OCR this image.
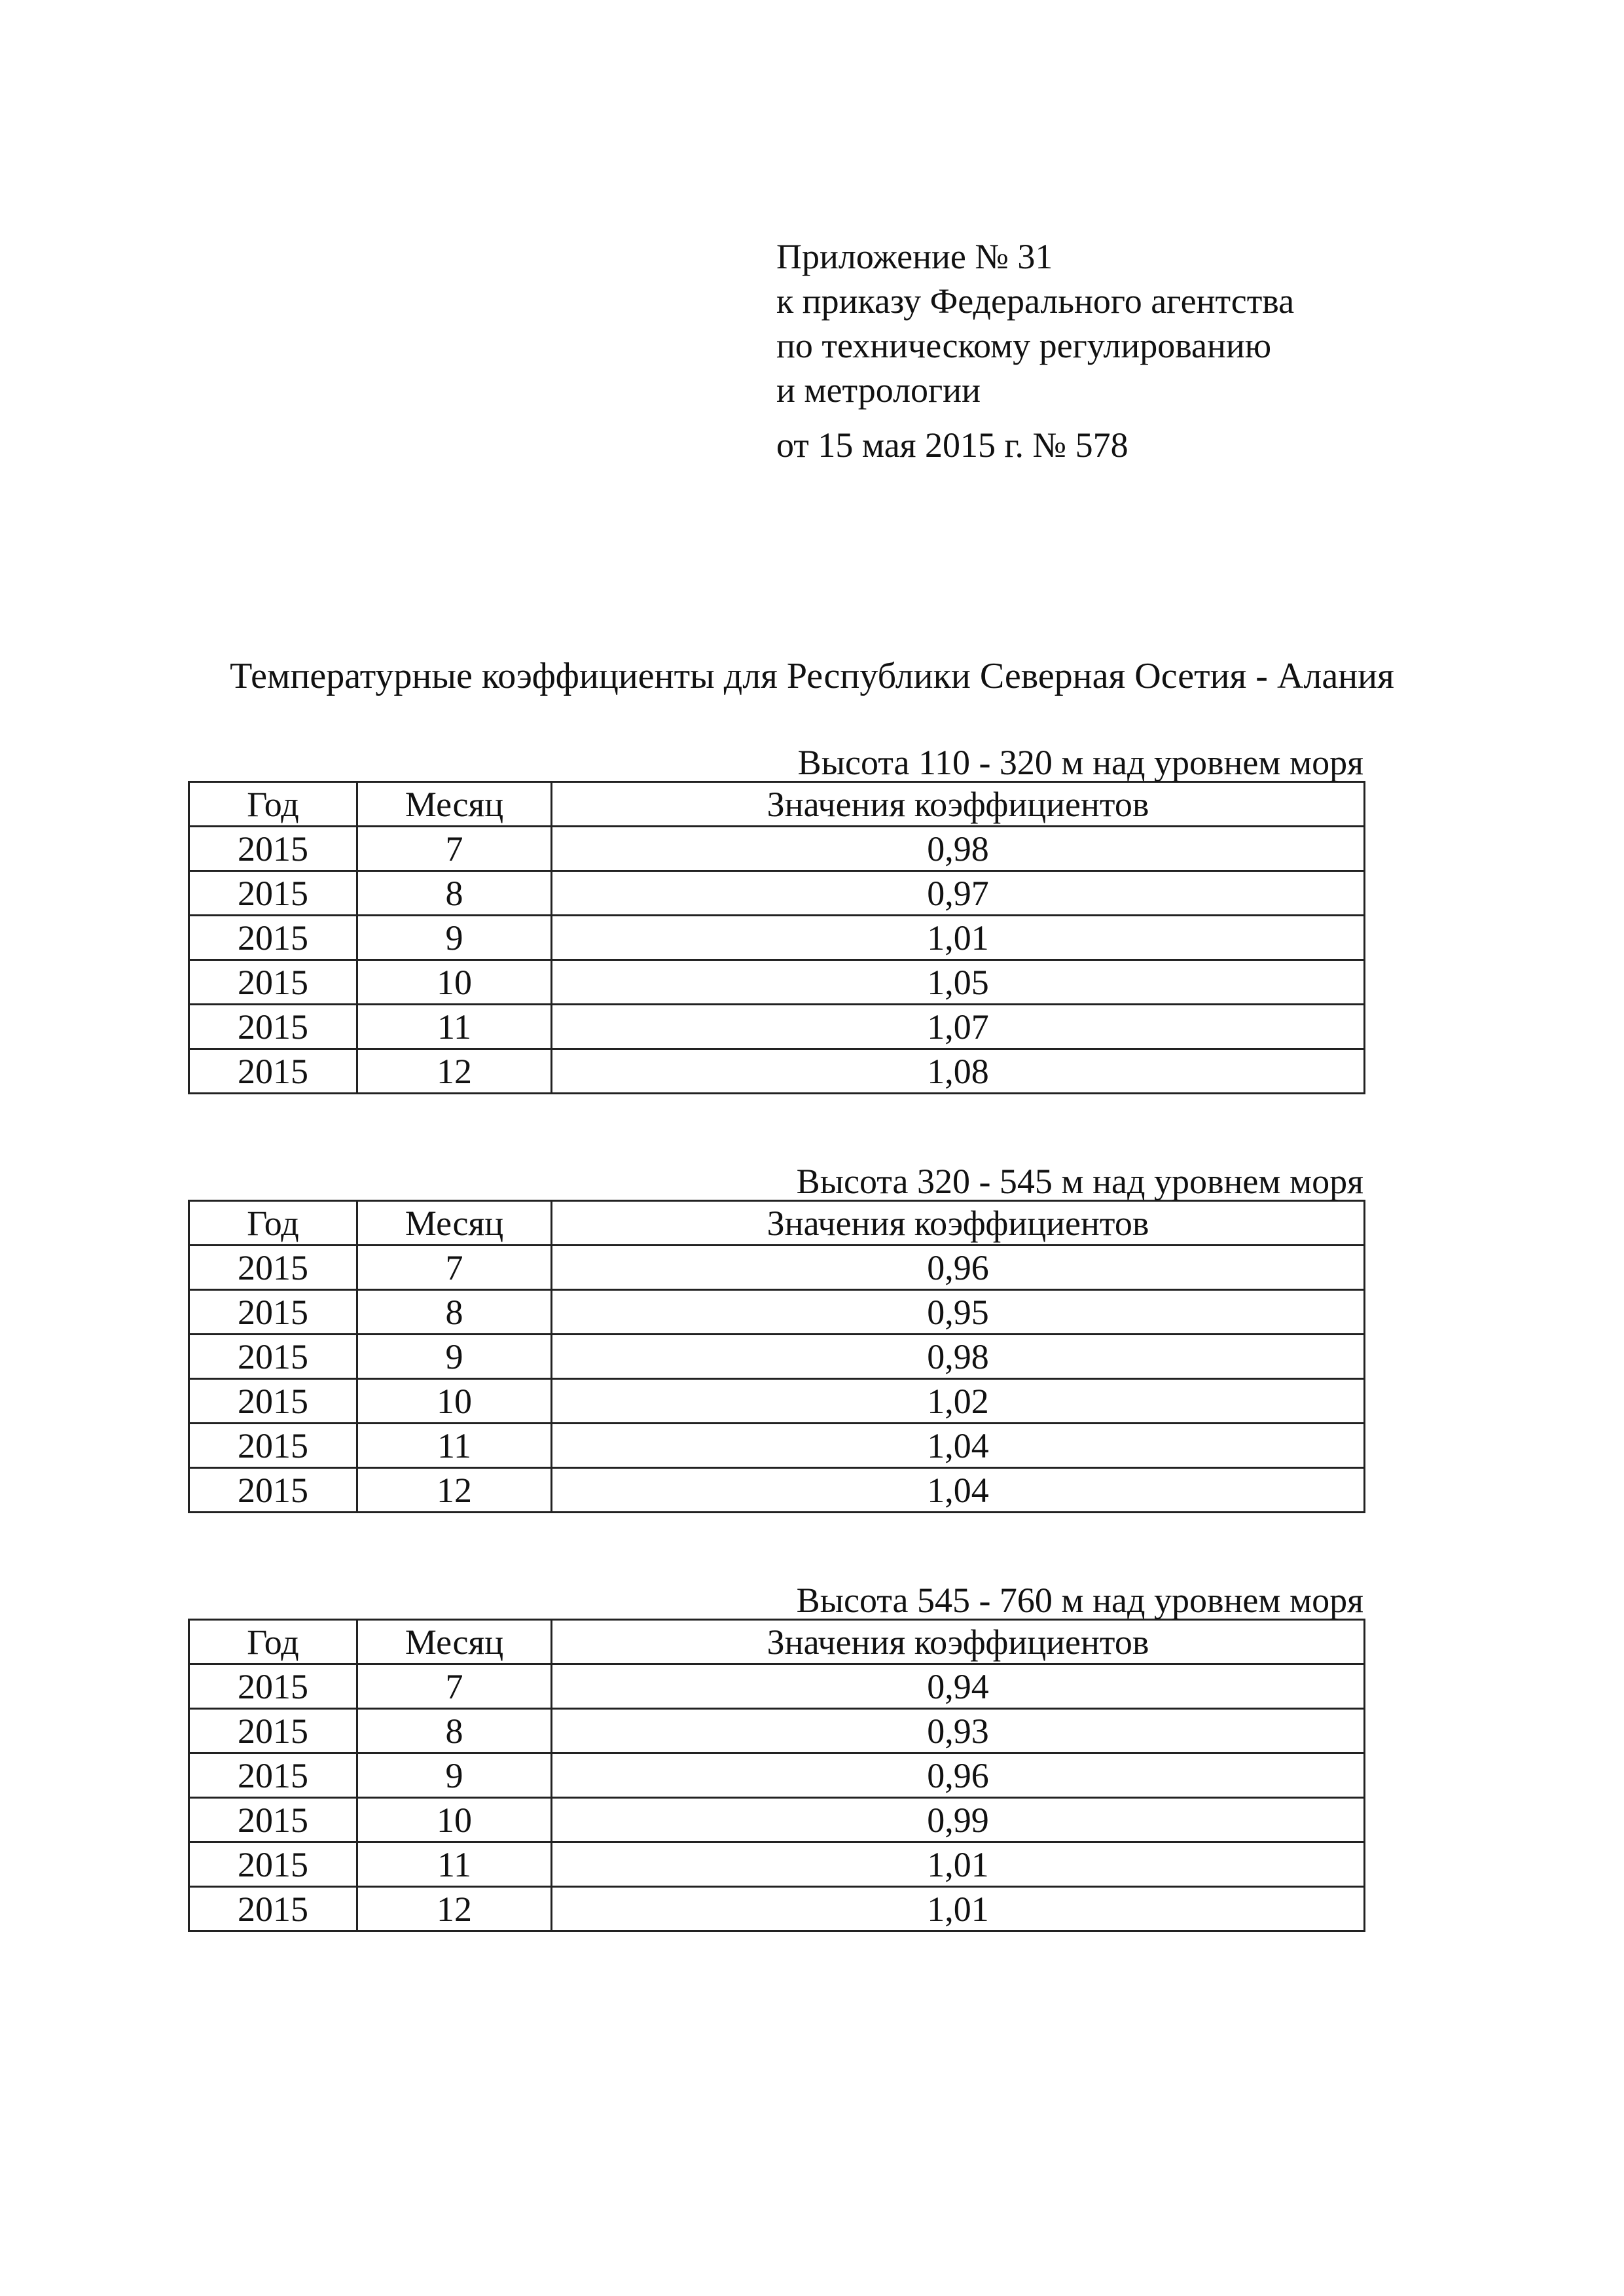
Приложение № 31
к приказу Федерального агентства
по техническому регулированию
и метрологии
от 15 мая 2015 г. № 578
Температурные коэффициенты для Республики Северная Осетия - Алания
Высота 110 - 320 м над уровнем моря
Год	Месяц	Значения коэффициентов
2015	7	0,98
2015	8	0,97
2015	9	1,01
2015	10	1,05
2015	11	1,07
2015	12	1,08
Высота 320 - 545 м над уровнем моря
Год	Месяц	Значения коэффициентов
2015	7	0,96
2015	8	0,95
2015	9	0,98
2015	10	1,02
2015	11	1,04
2015	12	1,04
Высота 545 - 760 м над уровнем моря
Год	Месяц	Значения коэффициентов
2015	7	0,94
2015	8	0,93
2015	9	0,96
2015	10	0,99
2015	11	1,01
2015	12	1,01
